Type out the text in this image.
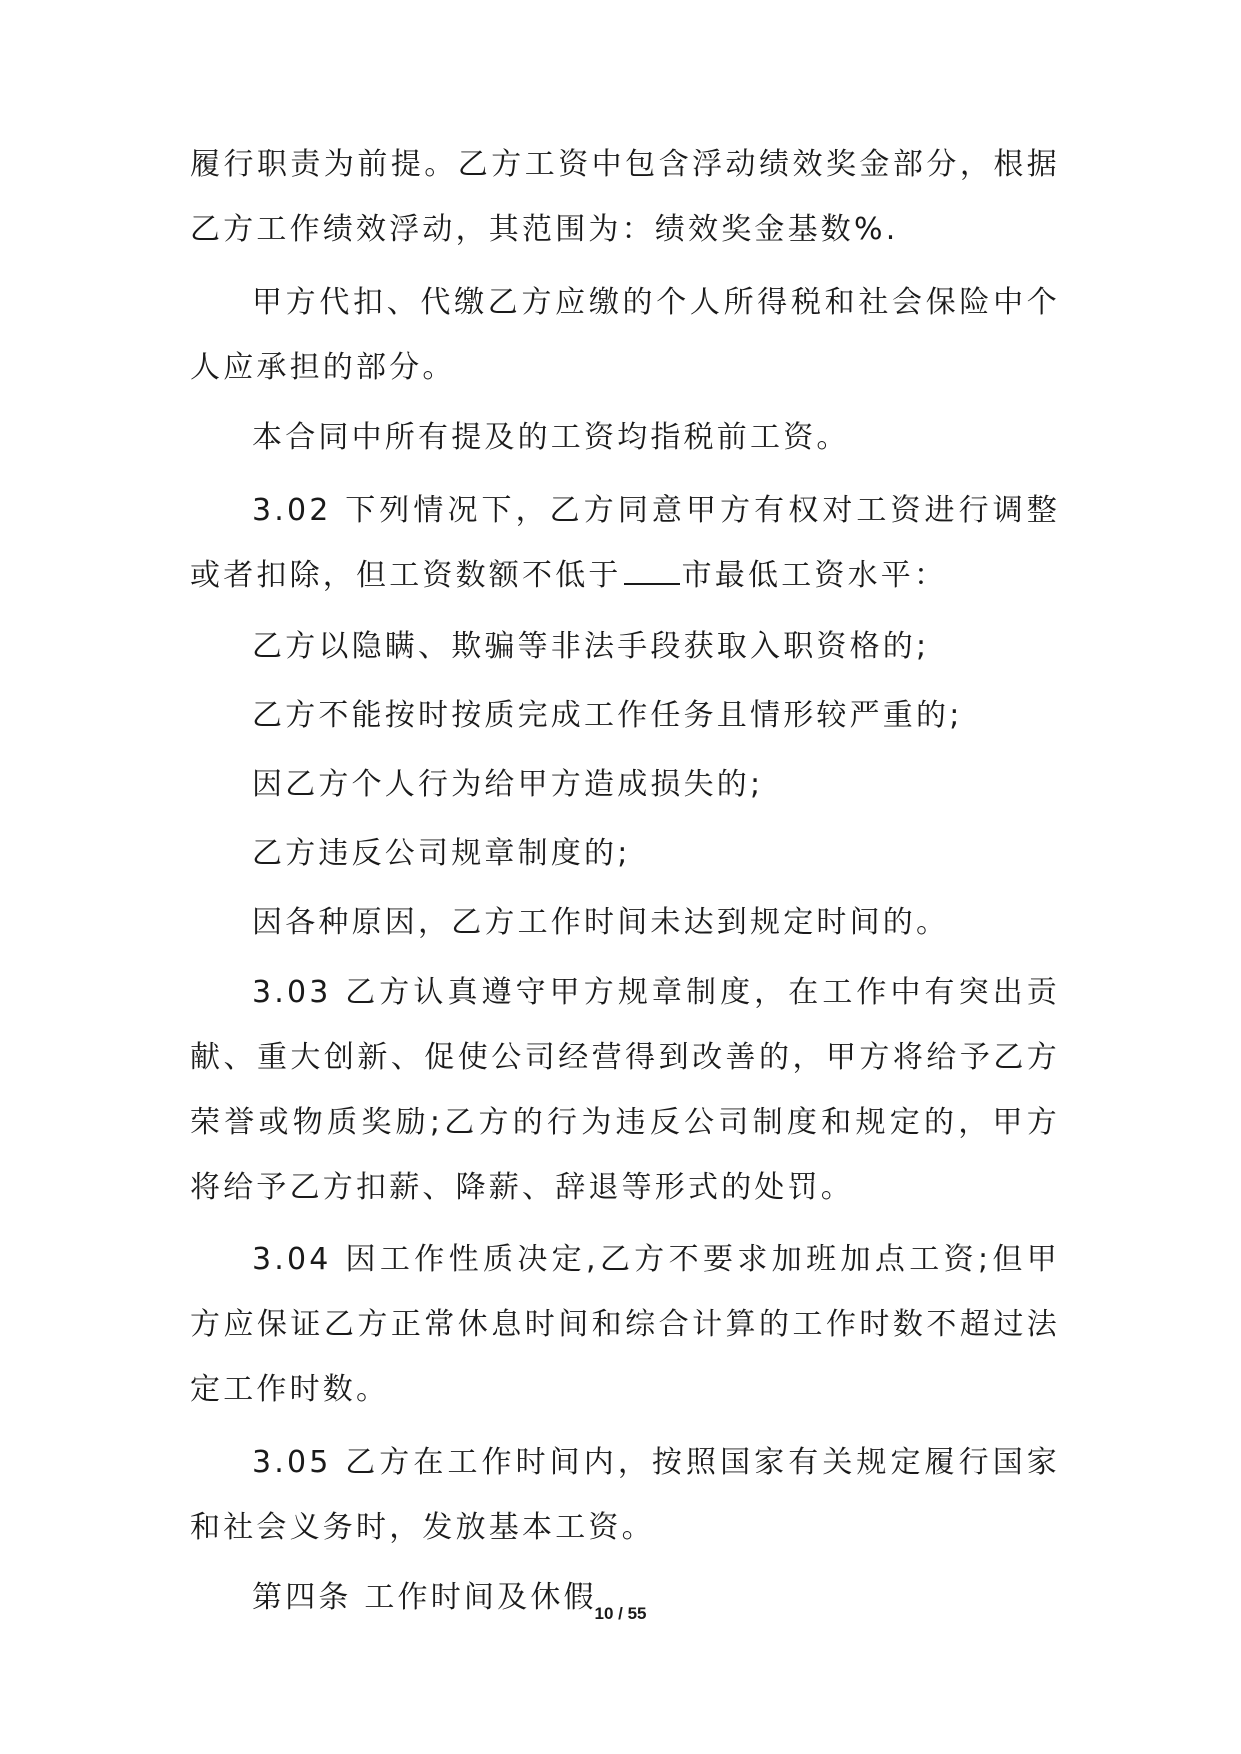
履行职责为前提。乙方工资中包含浮动绩效奖金部分，根据乙方工作绩效浮动，其范围为：绩效奖金基数%.

甲方代扣、代缴乙方应缴的个人所得税和社会保险中个人应承担的部分。

本合同中所有提及的工资均指税前工资。

3.02 下列情况下，乙方同意甲方有权对工资进行调整或者扣除，但工资数额不低于 市最低工资水平：

乙方以隐瞒、欺骗等非法手段获取入职资格的;

乙方不能按时按质完成工作任务且情形较严重的;

因乙方个人行为给甲方造成损失的;

乙方违反公司规章制度的;

因各种原因，乙方工作时间未达到规定时间的。

3.03 乙方认真遵守甲方规章制度，在工作中有突出贡献、重大创新、促使公司经营得到改善的，甲方将给予乙方荣誉或物质奖励;乙方的行为违反公司制度和规定的，甲方将给予乙方扣薪、降薪、辞退等形式的处罚。

3.04 因工作性质决定,乙方不要求加班加点工资;但甲方应保证乙方正常休息时间和综合计算的工作时数不超过法定工作时数。

3.05 乙方在工作时间内，按照国家有关规定履行国家和社会义务时，发放基本工资。

第四条 工作时间及休假

10 / 55
